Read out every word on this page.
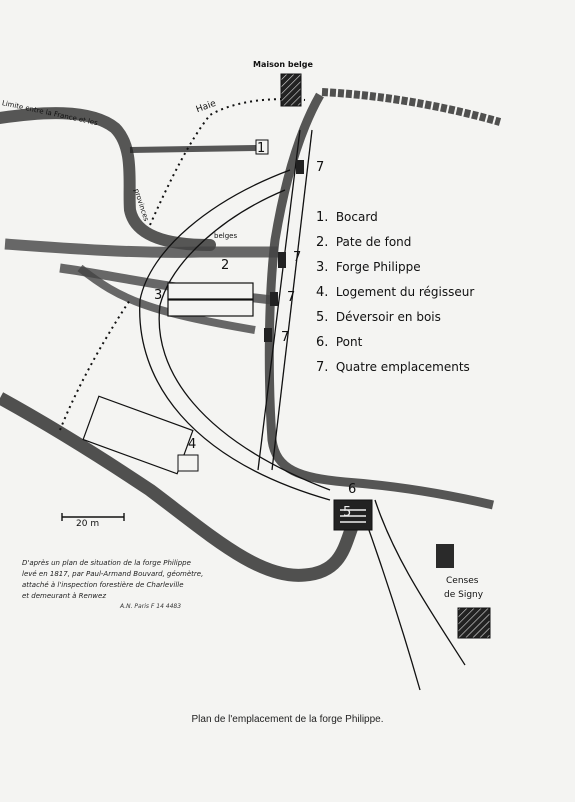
Maison belge
Haie
Limite entre la France et les
provinces
belges
Censes
de Signy
20 m
1
2
3
4
5
6
7
7
7
7
1. Bocard
2. Pate de fond
3. Forge Philippe
4. Logement du régisseur
5. Déversoir en bois
6. Pont
7. Quatre emplacements
D'après un plan de situation de la forge Philippe
levé en 1817, par Paul-Armand Bouvard, géomètre,
attaché à l'inspection forestière de Charleville
et demeurant à Renwez
A.N. Paris F 14 4483
Plan de l'emplacement de la forge Philippe.
